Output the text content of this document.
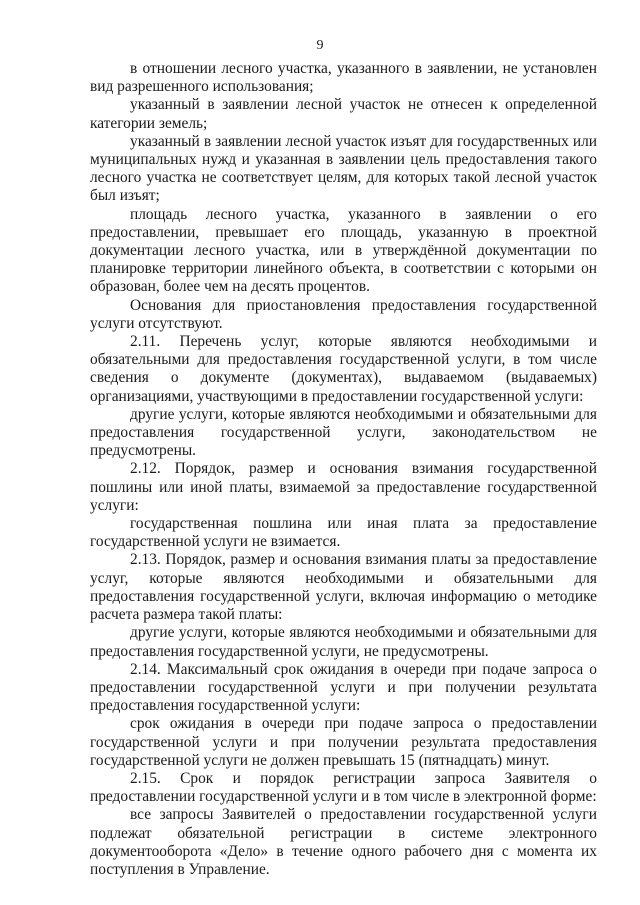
9

в отношении лесного участка, указанного в заявлении, не установлен вид разрешенного использования;

указанный в заявлении лесной участок не отнесен к определенной категории земель;

указанный в заявлении лесной участок изъят для государственных или муниципальных нужд и указанная в заявлении цель предоставления такого лесного участка не соответствует целям, для которых такой лесной участок был изъят;

площадь лесного участка, указанного в заявлении о его предоставлении, превышает его площадь, указанную в проектной документации лесного участка, или в утверждённой документации по планировке территории линейного объекта, в соответствии с которыми он образован, более чем на десять процентов.

Основания для приостановления предоставления государственной услуги отсутствуют.

2.11. Перечень услуг, которые являются необходимыми и обязательными для предоставления государственной услуги, в том числе сведения о документе (документах), выдаваемом (выдаваемых) организациями, участвующими в предоставлении государственной услуги:

другие услуги, которые являются необходимыми и обязательными для предоставления государственной услуги, законодательством не предусмотрены.

2.12. Порядок, размер и основания взимания государственной пошлины или иной платы, взимаемой за предоставление государственной услуги:

государственная пошлина или иная плата за предоставление государственной услуги не взимается.

2.13. Порядок, размер и основания взимания платы за предоставление услуг, которые являются необходимыми и обязательными для предоставления государственной услуги, включая информацию о методике расчета размера такой платы:

другие услуги, которые являются необходимыми и обязательными для предоставления государственной услуги, не предусмотрены.

2.14. Максимальный срок ожидания в очереди при подаче запроса о предоставлении государственной услуги и при получении результата предоставления государственной услуги:

срок ожидания в очереди при подаче запроса о предоставлении государственной услуги и при получении результата предоставления государственной услуги не должен превышать 15 (пятнадцать) минут.

2.15. Срок и порядок регистрации запроса Заявителя о предоставлении государственной услуги и в том числе в электронной форме:

все запросы Заявителей о предоставлении государственной услуги подлежат обязательной регистрации в системе электронного документооборота «Дело» в течение одного рабочего дня с момента их поступления в Управление.
